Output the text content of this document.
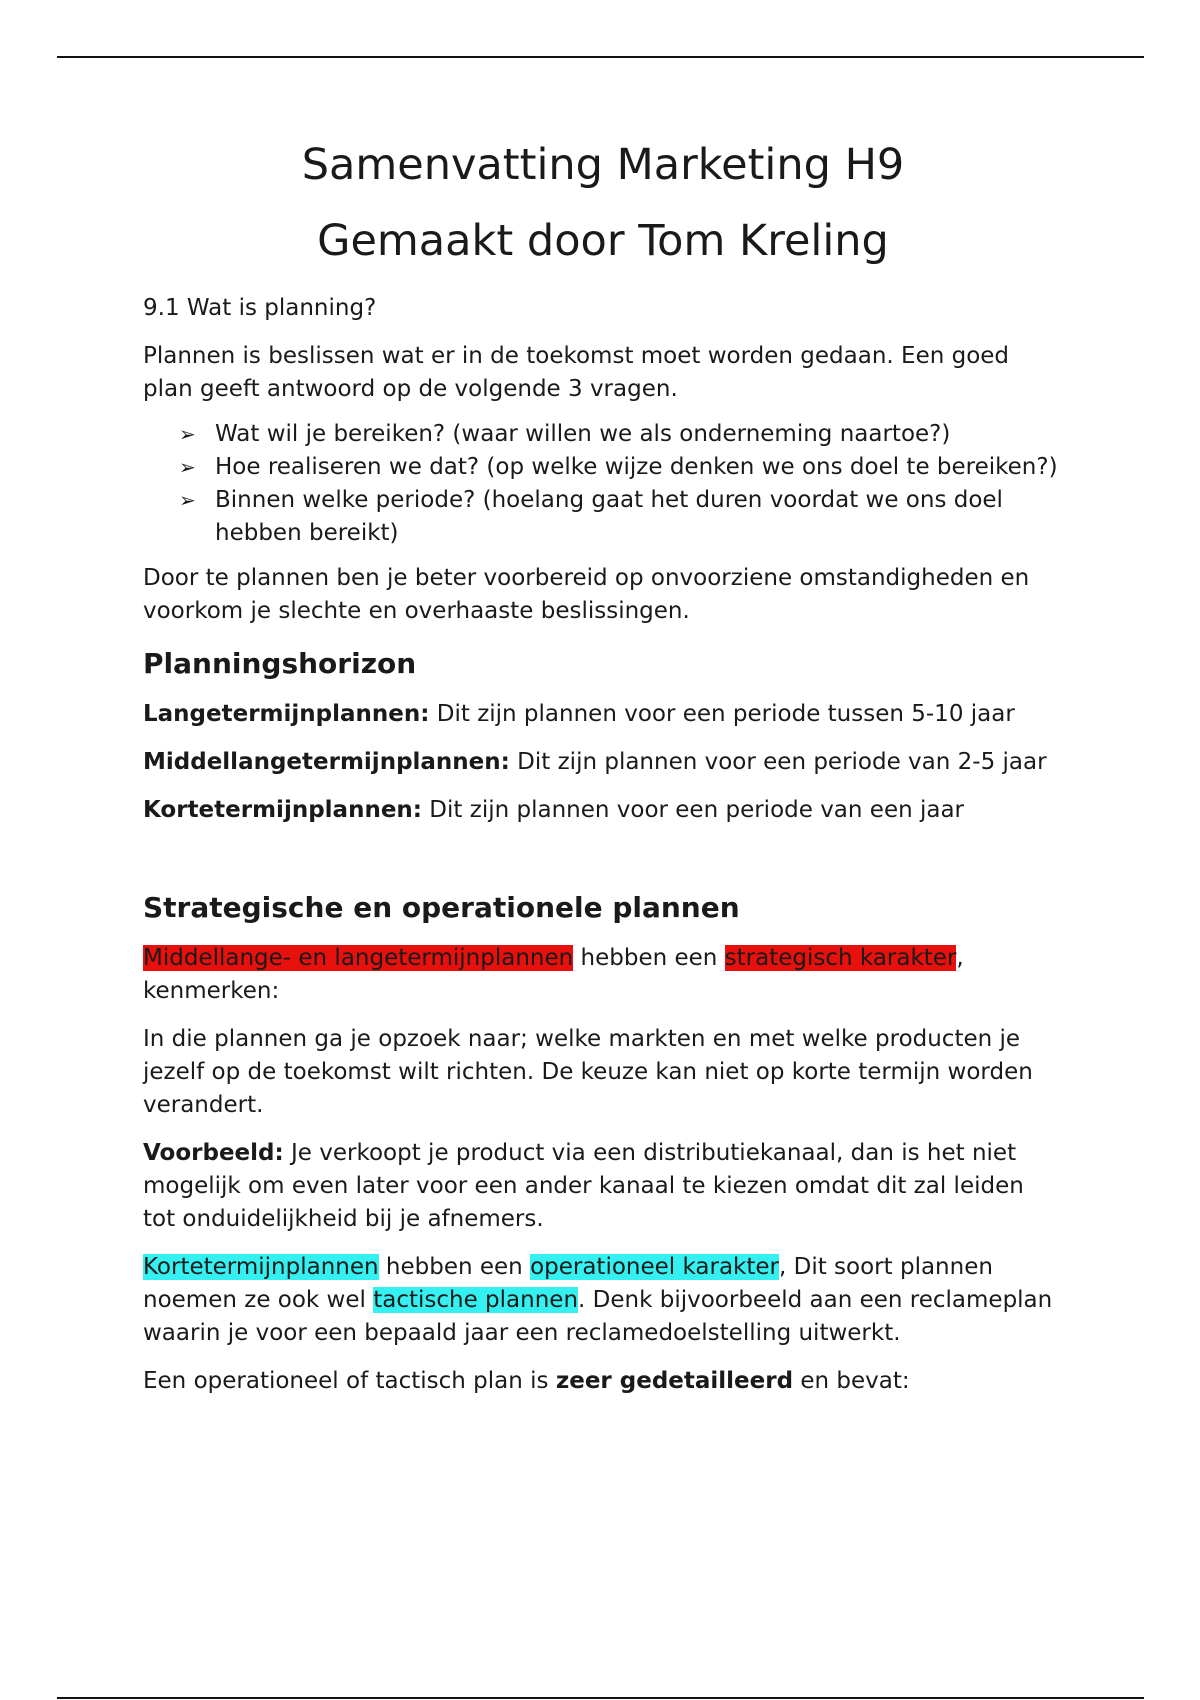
Samenvatting Marketing H9
Gemaakt door Tom Kreling

9.1 Wat is planning?

Plannen is beslissen wat er in de toekomst moet worden gedaan. Een goed plan geeft antwoord op de volgende 3 vragen.

➢ Wat wil je bereiken? (waar willen we als onderneming naartoe?)
➢ Hoe realiseren we dat? (op welke wijze denken we ons doel te bereiken?)
➢ Binnen welke periode? (hoelang gaat het duren voordat we ons doel hebben bereikt)

Door te plannen ben je beter voorbereid op onvoorziene omstandigheden en voorkom je slechte en overhaaste beslissingen.

Planningshorizon

Langetermijnplannen: Dit zijn plannen voor een periode tussen 5-10 jaar

Middellangetermijnplannen: Dit zijn plannen voor een periode van 2-5 jaar

Kortetermijnplannen: Dit zijn plannen voor een periode van een jaar

Strategische en operationele plannen

Middellange- en langetermijnplannen hebben een strategisch karakter, kenmerken:

In die plannen ga je opzoek naar; welke markten en met welke producten je jezelf op de toekomst wilt richten. De keuze kan niet op korte termijn worden verandert.

Voorbeeld: Je verkoopt je product via een distributiekanaal, dan is het niet mogelijk om even later voor een ander kanaal te kiezen omdat dit zal leiden tot onduidelijkheid bij je afnemers.

Kortetermijnplannen hebben een operationeel karakter, Dit soort plannen noemen ze ook wel tactische plannen. Denk bijvoorbeeld aan een reclameplan waarin je voor een bepaald jaar een reclamedoelstelling uitwerkt.

Een operationeel of tactisch plan is zeer gedetailleerd en bevat:
